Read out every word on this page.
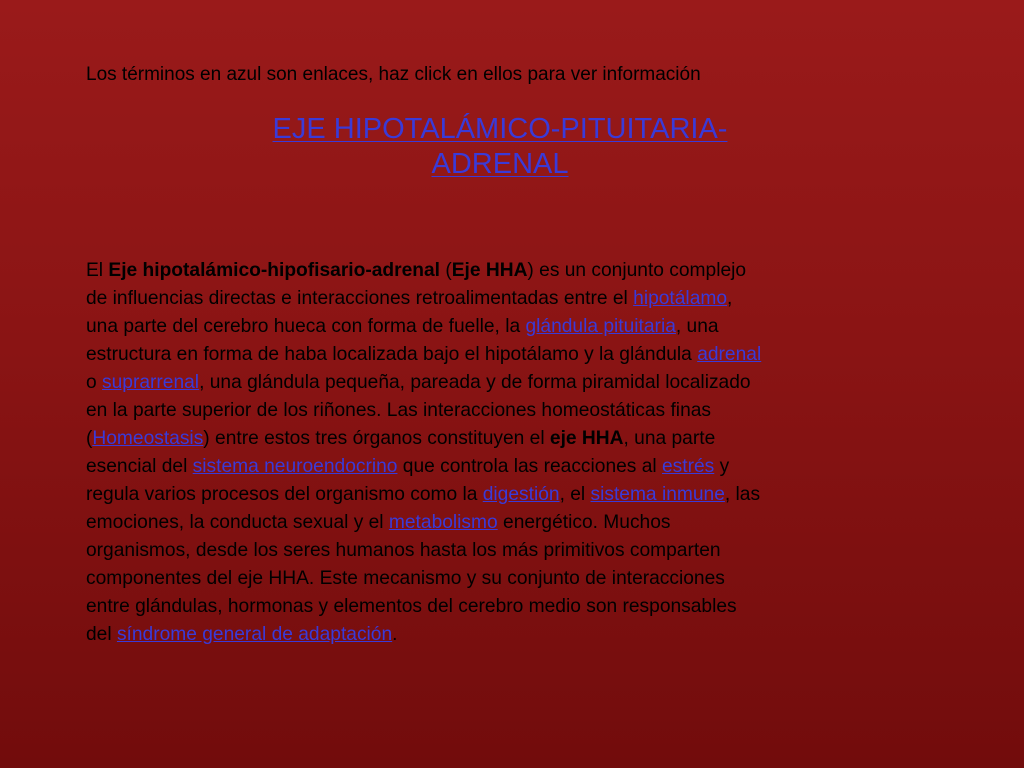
Los términos en azul son enlaces, haz click en ellos para ver información
EJE HIPOTALÁMICO-PITUITARIA-
ADRENAL
El Eje hipotalámico-hipofisario-adrenal (Eje HHA) es un conjunto complejo
de influencias directas e interacciones retroalimentadas entre el hipotálamo,
una parte del cerebro hueca con forma de fuelle, la glándula pituitaria, una
estructura en forma de haba localizada bajo el hipotálamo y la glándula adrenal
o suprarrenal, una glándula pequeña, pareada y de forma piramidal localizado
en la parte superior de los riñones. Las interacciones homeostáticas finas
(Homeostasis) entre estos tres órganos constituyen el eje HHA, una parte
esencial del sistema neuroendocrino que controla las reacciones al estrés y
regula varios procesos del organismo como la digestión, el sistema inmune, las
emociones, la conducta sexual y el metabolismo energético. Muchos
organismos, desde los seres humanos hasta los más primitivos comparten
componentes del eje HHA. Este mecanismo y su conjunto de interacciones
entre glándulas, hormonas y elementos del cerebro medio son responsables
del síndrome general de adaptación.
